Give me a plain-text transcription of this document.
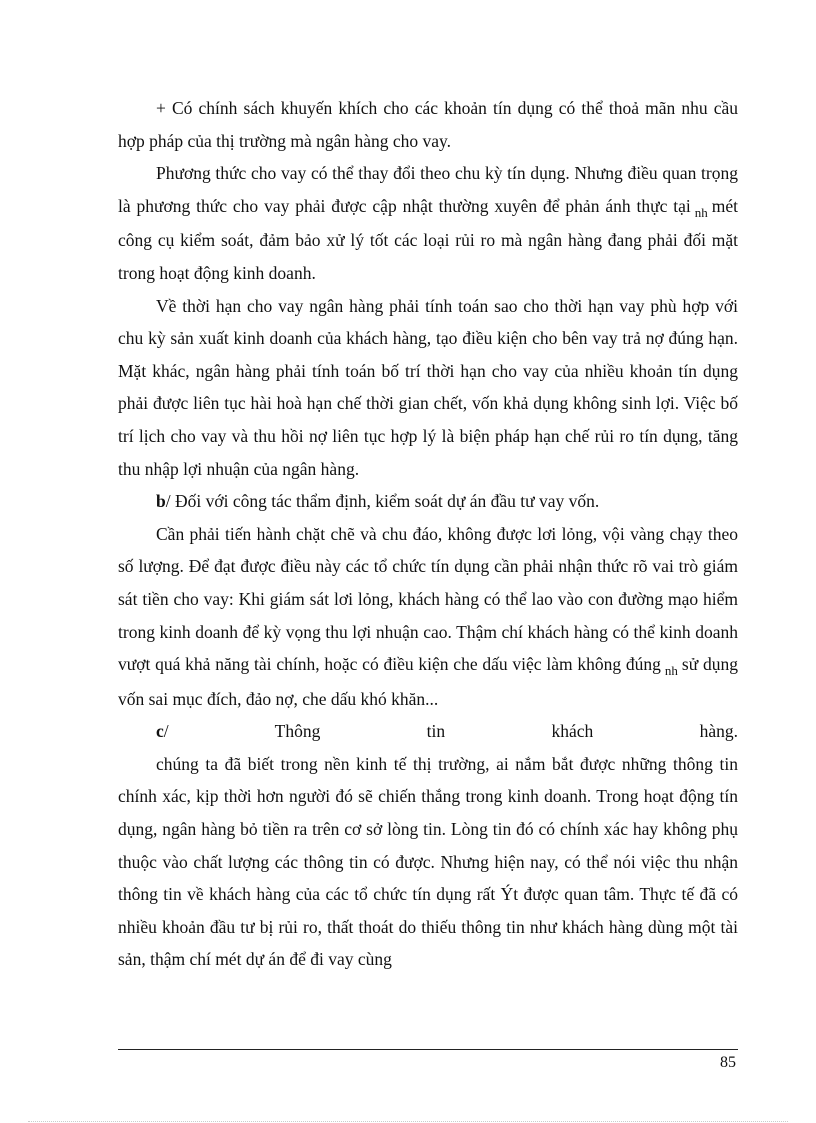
+ Có chính sách khuyến khích cho các khoản tín dụng có thể thoả mãn nhu cầu hợp pháp của thị trường mà ngân hàng cho vay.

Phương thức cho vay có thể thay đổi theo chu kỳ tín dụng. Nhưng điều quan trọng là phương thức cho vay phải được cập nhật thường xuyên để phản ánh thực tại $_{nh}$ mét công cụ kiểm soát, đảm bảo xử lý tốt các loại rủi ro mà ngân hàng đang phải đối mặt trong hoạt động kinh doanh.

Về thời hạn cho vay ngân hàng phải tính toán sao cho thời hạn vay phù hợp với chu kỳ sản xuất kinh doanh của khách hàng, tạo điều kiện cho bên vay trả nợ đúng hạn. Mặt khác, ngân hàng phải tính toán bố trí thời hạn cho vay của nhiều khoản tín dụng phải được liên tục hài hoà hạn chế thời gian chết, vốn khả dụng không sinh lợi. Việc bố trí lịch cho vay và thu hồi nợ liên tục hợp lý là biện pháp hạn chế rủi ro tín dụng, tăng thu nhập lợi nhuận của ngân hàng.

b/ Đối với công tác thẩm định, kiểm soát dự án đầu tư vay vốn.

Cần phải tiến hành chặt chẽ và chu đáo, không được lơi lỏng, vội vàng chạy theo số lượng. Để đạt được điều này các tổ chức tín dụng cần phải nhận thức rõ vai trò giám sát tiền cho vay: Khi giám sát lơi lỏng, khách hàng có thể lao vào con đường mạo hiểm trong kinh doanh để kỳ vọng thu lợi nhuận cao. Thậm chí khách hàng có thể kinh doanh vượt quá khả năng tài chính, hoặc có điều kiện che dấu việc làm không đúng $_{nh}$ sử dụng vốn sai mục đích, đảo nợ, che dấu khó khăn...

c/ Thông tin khách hàng.

chúng ta đã biết trong nền kinh tế thị trường, ai nắm bắt được những thông tin chính xác, kịp thời hơn người đó sẽ chiến thắng trong kinh doanh. Trong hoạt động tín dụng, ngân hàng bỏ tiền ra trên cơ sở lòng tin. Lòng tin đó có chính xác hay không phụ thuộc vào chất lượng các thông tin có được. Nhưng hiện nay, có thể nói việc thu nhận thông tin về khách hàng của các tổ chức tín dụng rất Ýt được quan tâm. Thực tế đã có nhiều khoản đầu tư bị rủi ro, thất thoát do thiếu thông tin như khách hàng dùng một tài sản, thậm chí mét dự án để đi vay cùng

85
